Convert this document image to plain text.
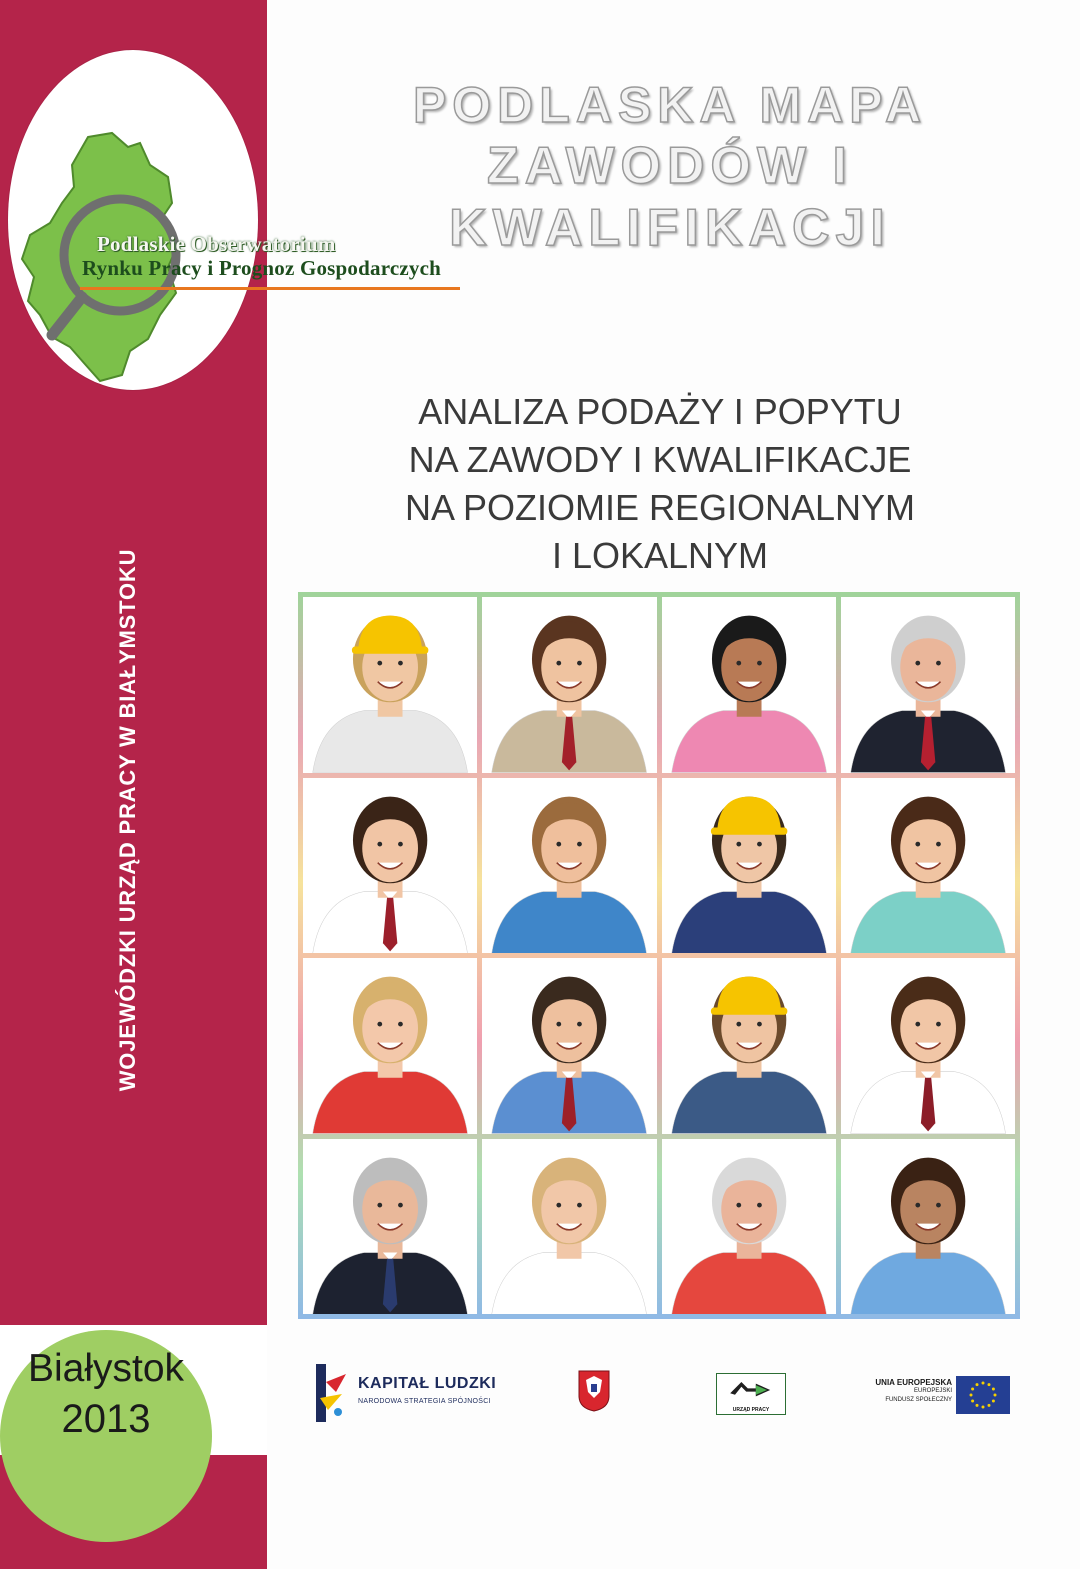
Podlaskie Obserwatorium
Rynku Pracy i Prognoz Gospodarczych
PODLASKA MAPA
ZAWODÓW I KWALIFIKACJI
ANALIZA PODAŻY I POPYTU
NA ZAWODY I KWALIFIKACJE
NA POZIOMIE REGIONALNYM
I LOKALNYM
WOJEWÓDZKI URZĄD PRACY W BIAŁYMSTOKU
Białystok
2013
KAPITAŁ LUDZKI
NARODOWA STRATEGIA SPÓJNOŚCI
URZĄD PRACY
UNIA EUROPEJSKA
EUROPEJSKI
FUNDUSZ SPOŁECZNY
